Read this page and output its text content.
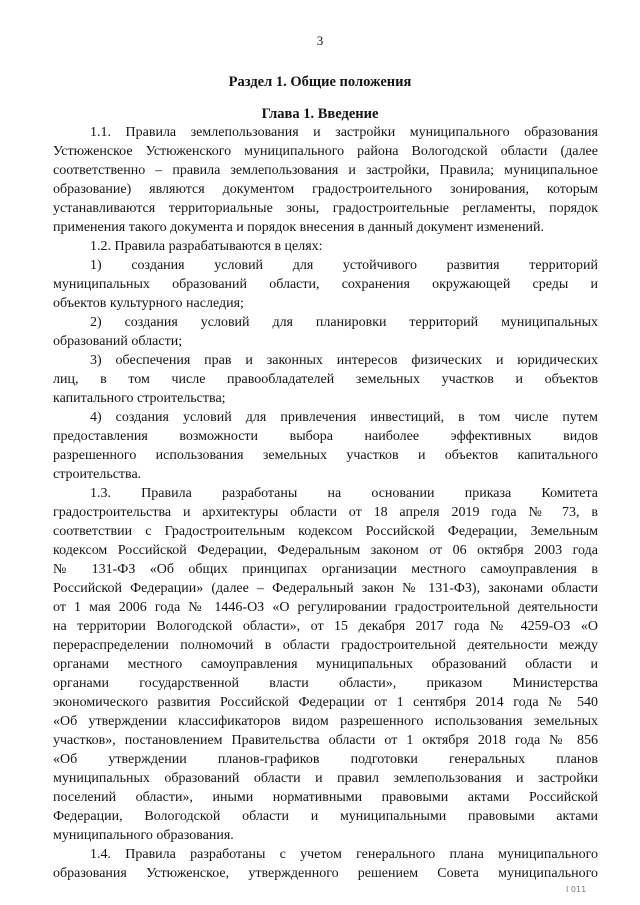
3
Раздел 1. Общие положения
Глава 1. Введение
1.1. Правила землепользования и застройки муниципального образования
Устюженское Устюженского муниципального района Вологодской области (далее
соответственно – правила землепользования и застройки, Правила; муниципальное
образование) являются документом градостроительного зонирования, которым
устанавливаются территориальные зоны, градостроительные регламенты, порядок
применения такого документа и порядок внесения в данный документ изменений.
1.2. Правила разрабатываются в целях:
1) создания условий для устойчивого развития территорий
муниципальных образований области, сохранения окружающей среды и
объектов культурного наследия;
2) создания условий для планировки территорий муниципальных
образований области;
3) обеспечения прав и законных интересов физических и юридических
лиц, в том числе правообладателей земельных участков и объектов
капитального строительства;
4) создания условий для привлечения инвестиций, в том числе путем
предоставления возможности выбора наиболее эффективных видов
разрешенного использования земельных участков и объектов капитального
строительства.
1.3. Правила разработаны на основании приказа Комитета
градостроительства и архитектуры области от 18 апреля 2019 года № 73, в
соответствии с Градостроительным кодексом Российской Федерации, Земельным
кодексом Российской Федерации, Федеральным законом от 06 октября 2003 года
№ 131-ФЗ «Об общих принципах организации местного самоуправления в
Российской Федерации» (далее – Федеральный закон № 131-ФЗ), законами области
от 1 мая 2006 года № 1446-ОЗ «О регулировании градостроительной деятельности
на территории Вологодской области», от 15 декабря 2017 года № 4259-ОЗ «О
перераспределении полномочий в области градостроительной деятельности между
органами местного самоуправления муниципальных образований области и
органами государственной власти области», приказом Министерства
экономического развития Российской Федерации от 1 сентября 2014 года № 540
«Об утверждении классификаторов видом разрешенного использования земельных
участков», постановлением Правительства области от 1 октября 2018 года № 856
«Об утверждении планов-графиков подготовки генеральных планов
муниципальных образований области и правил землепользования и застройки
поселений области», иными нормативными правовыми актами Российской
Федерации, Вологодской области и муниципальными правовыми актами
муниципального образования.
1.4. Правила разработаны с учетом генерального плана муниципального
образования Устюженское, утвержденного решением Совета муниципального
I 011
